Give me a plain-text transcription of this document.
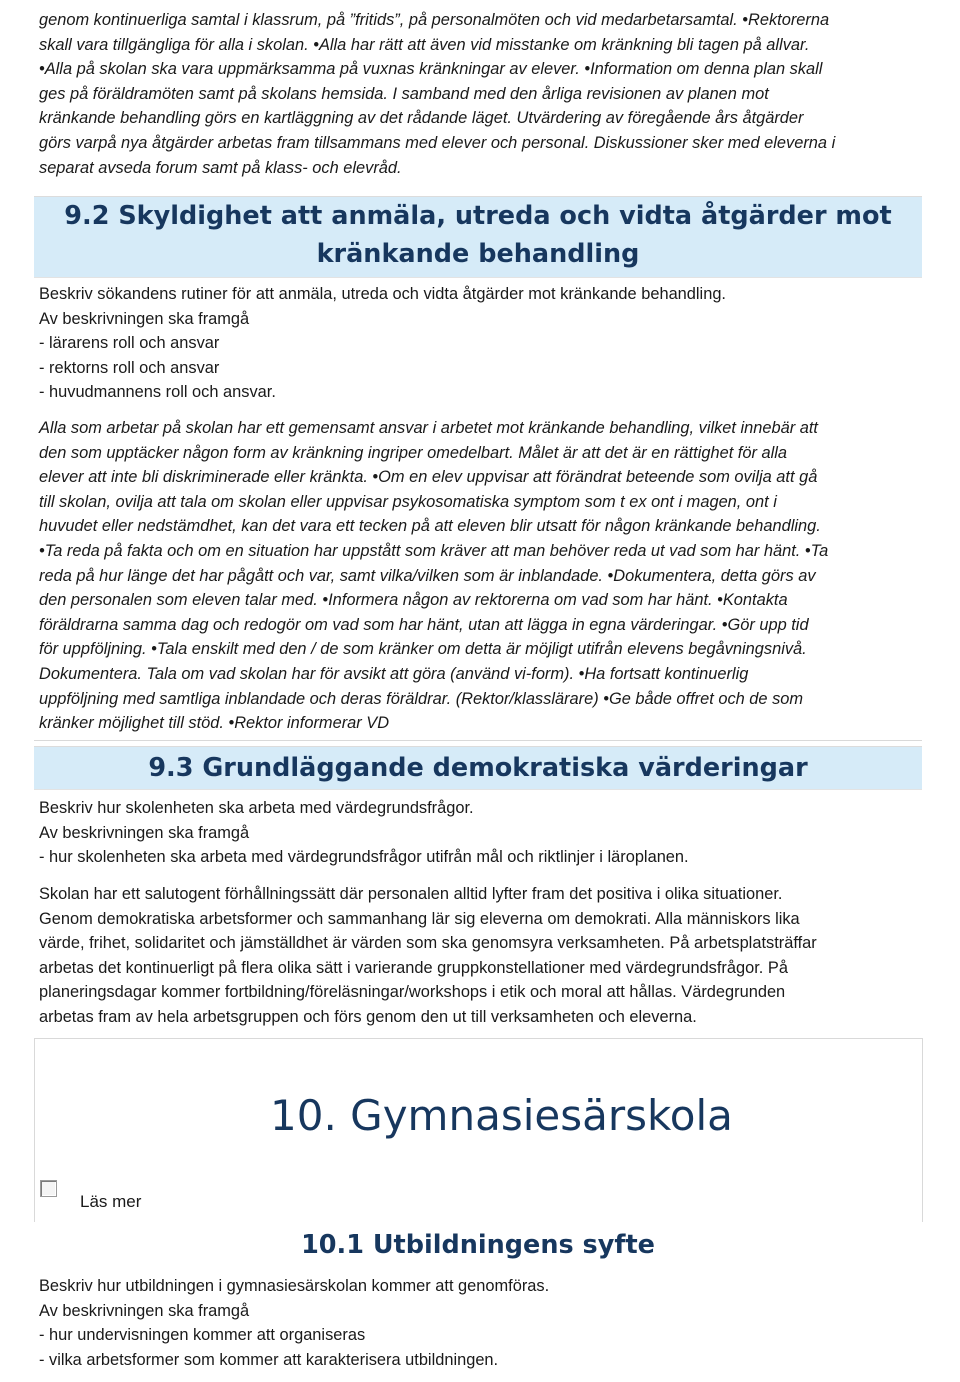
genom kontinuerliga samtal i klassrum, på ”fritids”, på personalmöten och vid medarbetarsamtal. •Rektorerna
skall vara tillgängliga för alla i skolan. •Alla har rätt att även vid misstanke om kränkning bli tagen på allvar.
•Alla på skolan ska vara uppmärksamma på vuxnas kränkningar av elever. •Information om denna plan skall
ges på föräldramöten samt på skolans hemsida. I samband med den årliga revisionen av planen mot
kränkande behandling görs en kartläggning av det rådande läget. Utvärdering av föregående års åtgärder
görs varpå nya åtgärder arbetas fram tillsammans med elever och personal. Diskussioner sker med eleverna i
separat avseda forum samt på klass- och elevråd.
9.2 Skyldighet att anmäla, utreda och vidta åtgärder mot
kränkande behandling
Beskriv sökandens rutiner för att anmäla, utreda och vidta åtgärder mot kränkande behandling.
Av beskrivningen ska framgå
- lärarens roll och ansvar
- rektorns roll och ansvar
- huvudmannens roll och ansvar.
Alla som arbetar på skolan har ett gemensamt ansvar i arbetet mot kränkande behandling, vilket innebär att
den som upptäcker någon form av kränkning ingriper omedelbart. Målet är att det är en rättighet för alla
elever att inte bli diskriminerade eller kränkta. •Om en elev uppvisar att förändrat beteende som ovilja att gå
till skolan, ovilja att tala om skolan eller uppvisar psykosomatiska symptom som t ex ont i magen, ont i
huvudet eller nedstämdhet, kan det vara ett tecken på att eleven blir utsatt för någon kränkande behandling.
•Ta reda på fakta och om en situation har uppstått som kräver att man behöver reda ut vad som har hänt. •Ta
reda på hur länge det har pågått och var, samt vilka/vilken som är inblandade. •Dokumentera, detta görs av
den personalen som eleven talar med. •Informera någon av rektorerna om vad som har hänt. •Kontakta
föräldrarna samma dag och redogör om vad som har hänt, utan att lägga in egna värderingar. •Gör upp tid
för uppföljning. •Tala enskilt med den / de som kränker om detta är möjligt utifrån elevens begåvningsnivå.
Dokumentera. Tala om vad skolan har för avsikt att göra (använd vi-form). •Ha fortsatt kontinuerlig
uppföljning med samtliga inblandade och deras föräldrar. (Rektor/klasslärare) •Ge både offret och de som
kränker möjlighet till stöd. •Rektor informerar VD
9.3 Grundläggande demokratiska värderingar
Beskriv hur skolenheten ska arbeta med värdegrundsfrågor.
Av beskrivningen ska framgå
- hur skolenheten ska arbeta med värdegrundsfrågor utifrån mål och riktlinjer i läroplanen.
Skolan har ett salutogent förhållningssätt där personalen alltid lyfter fram det positiva i olika situationer.
Genom demokratiska arbetsformer och sammanhang lär sig eleverna om demokrati. Alla människors lika
värde, frihet, solidaritet och jämställdhet är värden som ska genomsyra verksamheten. På arbetsplatsträffar
arbetas det kontinuerligt på flera olika sätt i varierande gruppkonstellationer med värdegrundsfrågor. På
planeringsdagar kommer fortbildning/föreläsningar/workshops i etik och moral att hållas. Värdegrunden
arbetas fram av hela arbetsgruppen och förs genom den ut till verksamheten och eleverna.
10. Gymnasiesärskola
Läs mer
10.1 Utbildningens syfte
Beskriv hur utbildningen i gymnasiesärskolan kommer att genomföras.
Av beskrivningen ska framgå
- hur undervisningen kommer att organiseras
- vilka arbetsformer som kommer att karakterisera utbildningen.
